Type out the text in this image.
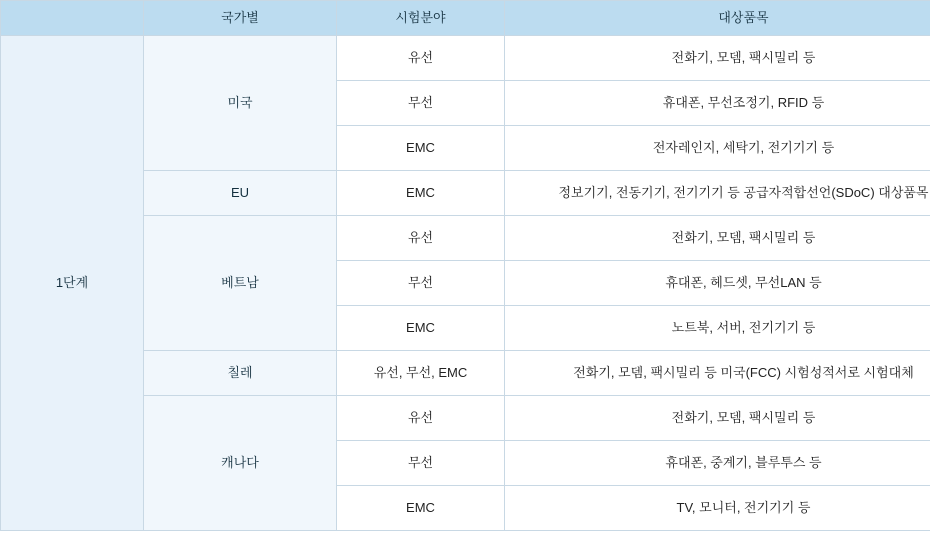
	국가별	시험분야	대상품목
1단계	미국	유선	전화기, 모뎀, 팩시밀리 등
		무선	휴대폰, 무선조정기, RFID 등
		EMC	전자레인지, 세탁기, 전기기기 등
	EU	EMC	정보기기, 전동기기, 전기기기 등 공급자적합선언(SDoC) 대상품목
	베트남	유선	전화기, 모뎀, 팩시밀리 등
		무선	휴대폰, 헤드셋, 무선LAN 등
		EMC	노트북, 서버, 전기기기 등
	칠레	유선, 무선, EMC	전화기, 모뎀, 팩시밀리 등 미국(FCC) 시험성적서로 시험대체
	캐나다	유선	전화기, 모뎀, 팩시밀리 등
		무선	휴대폰, 중계기, 블루투스 등
		EMC	TV, 모니터, 전기기기 등
